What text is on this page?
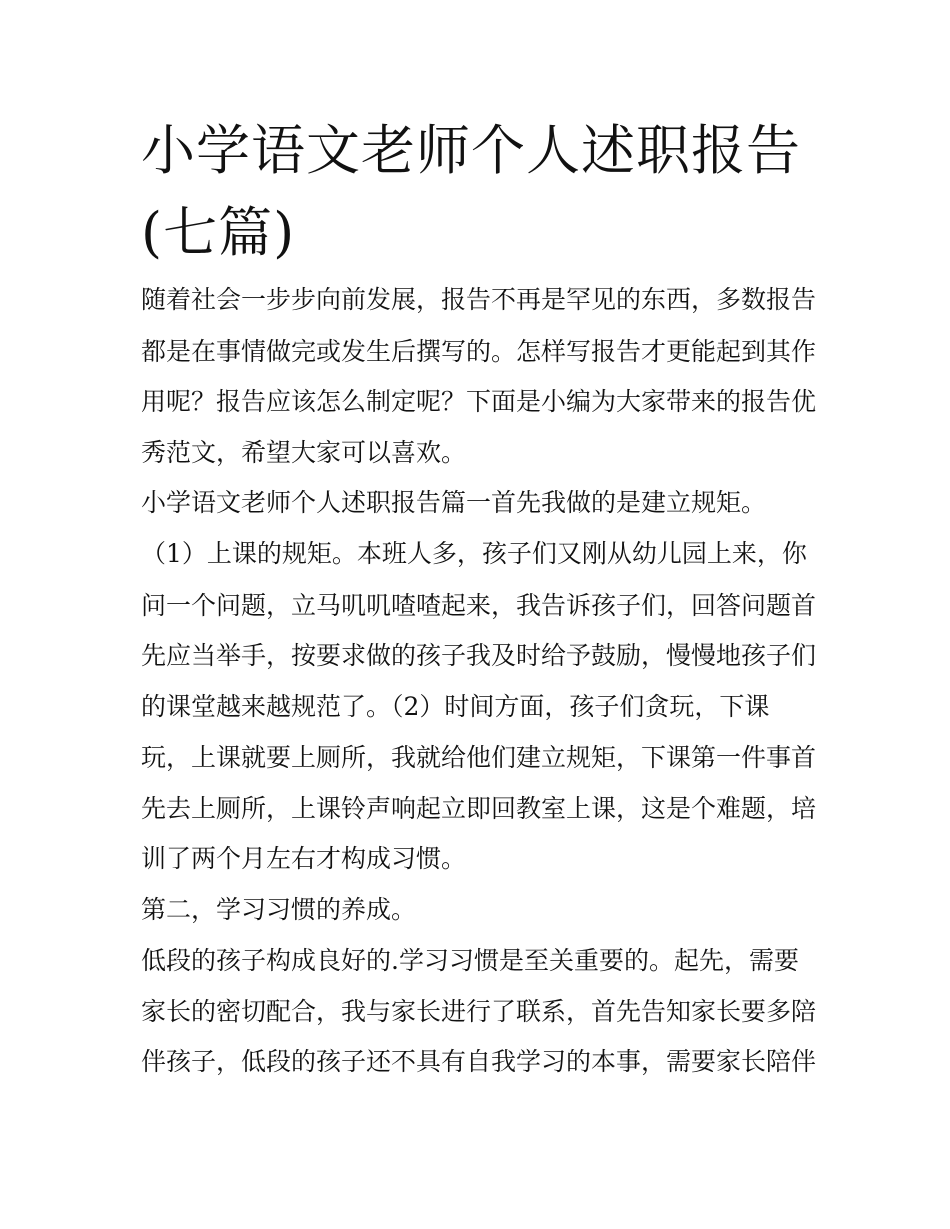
小学语文老师个人述职报告(七篇)

随着社会一步步向前发展，报告不再是罕见的东西，多数报告

都是在事情做完或发生后撰写的。怎样写报告才更能起到其作

用呢？报告应该怎么制定呢？下面是小编为大家带来的报告优

秀范文，希望大家可以喜欢。

小学语文老师个人述职报告篇一首先我做的是建立规矩。

（1）上课的规矩。本班人多，孩子们又刚从幼儿园上来，你

问一个问题，立马叽叽喳喳起来，我告诉孩子们，回答问题首

先应当举手，按要求做的孩子我及时给予鼓励，慢慢地孩子们

的课堂越来越规范了。（2）时间方面，孩子们贪玩，下课

玩，上课就要上厕所，我就给他们建立规矩，下课第一件事首

先去上厕所，上课铃声响起立即回教室上课，这是个难题，培

训了两个月左右才构成习惯。

第二，学习习惯的养成。

低段的孩子构成良好的.学习习惯是至关重要的。起先，需要

家长的密切配合，我与家长进行了联系，首先告知家长要多陪

伴孩子，低段的孩子还不具有自我学习的本事，需要家长陪伴
